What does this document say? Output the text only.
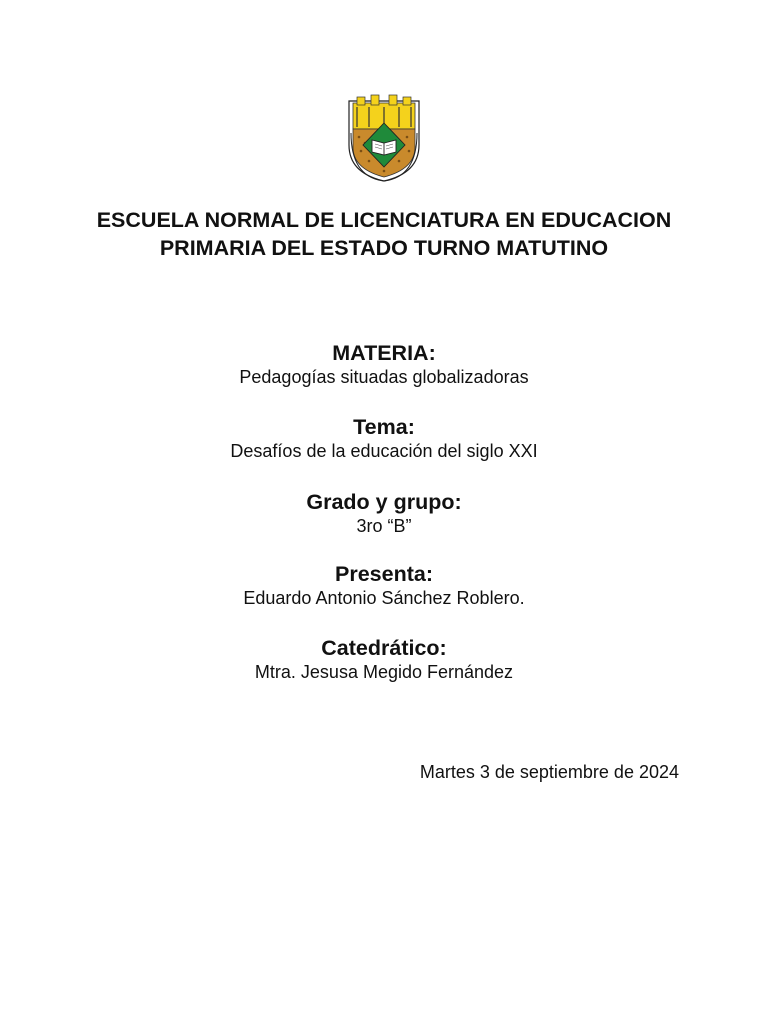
ESCUELA NORMAL DE LICENCIATURA EN EDUCACION PRIMARIA DEL ESTADO TURNO MATUTINO
MATERIA:
Pedagogías situadas globalizadoras
Tema:
Desafíos de la educación del siglo XXI
Grado y grupo:
3ro “B”
Presenta:
Eduardo Antonio Sánchez Roblero.
Catedrático:
Mtra. Jesusa Megido Fernández
Martes 3 de septiembre de 2024
